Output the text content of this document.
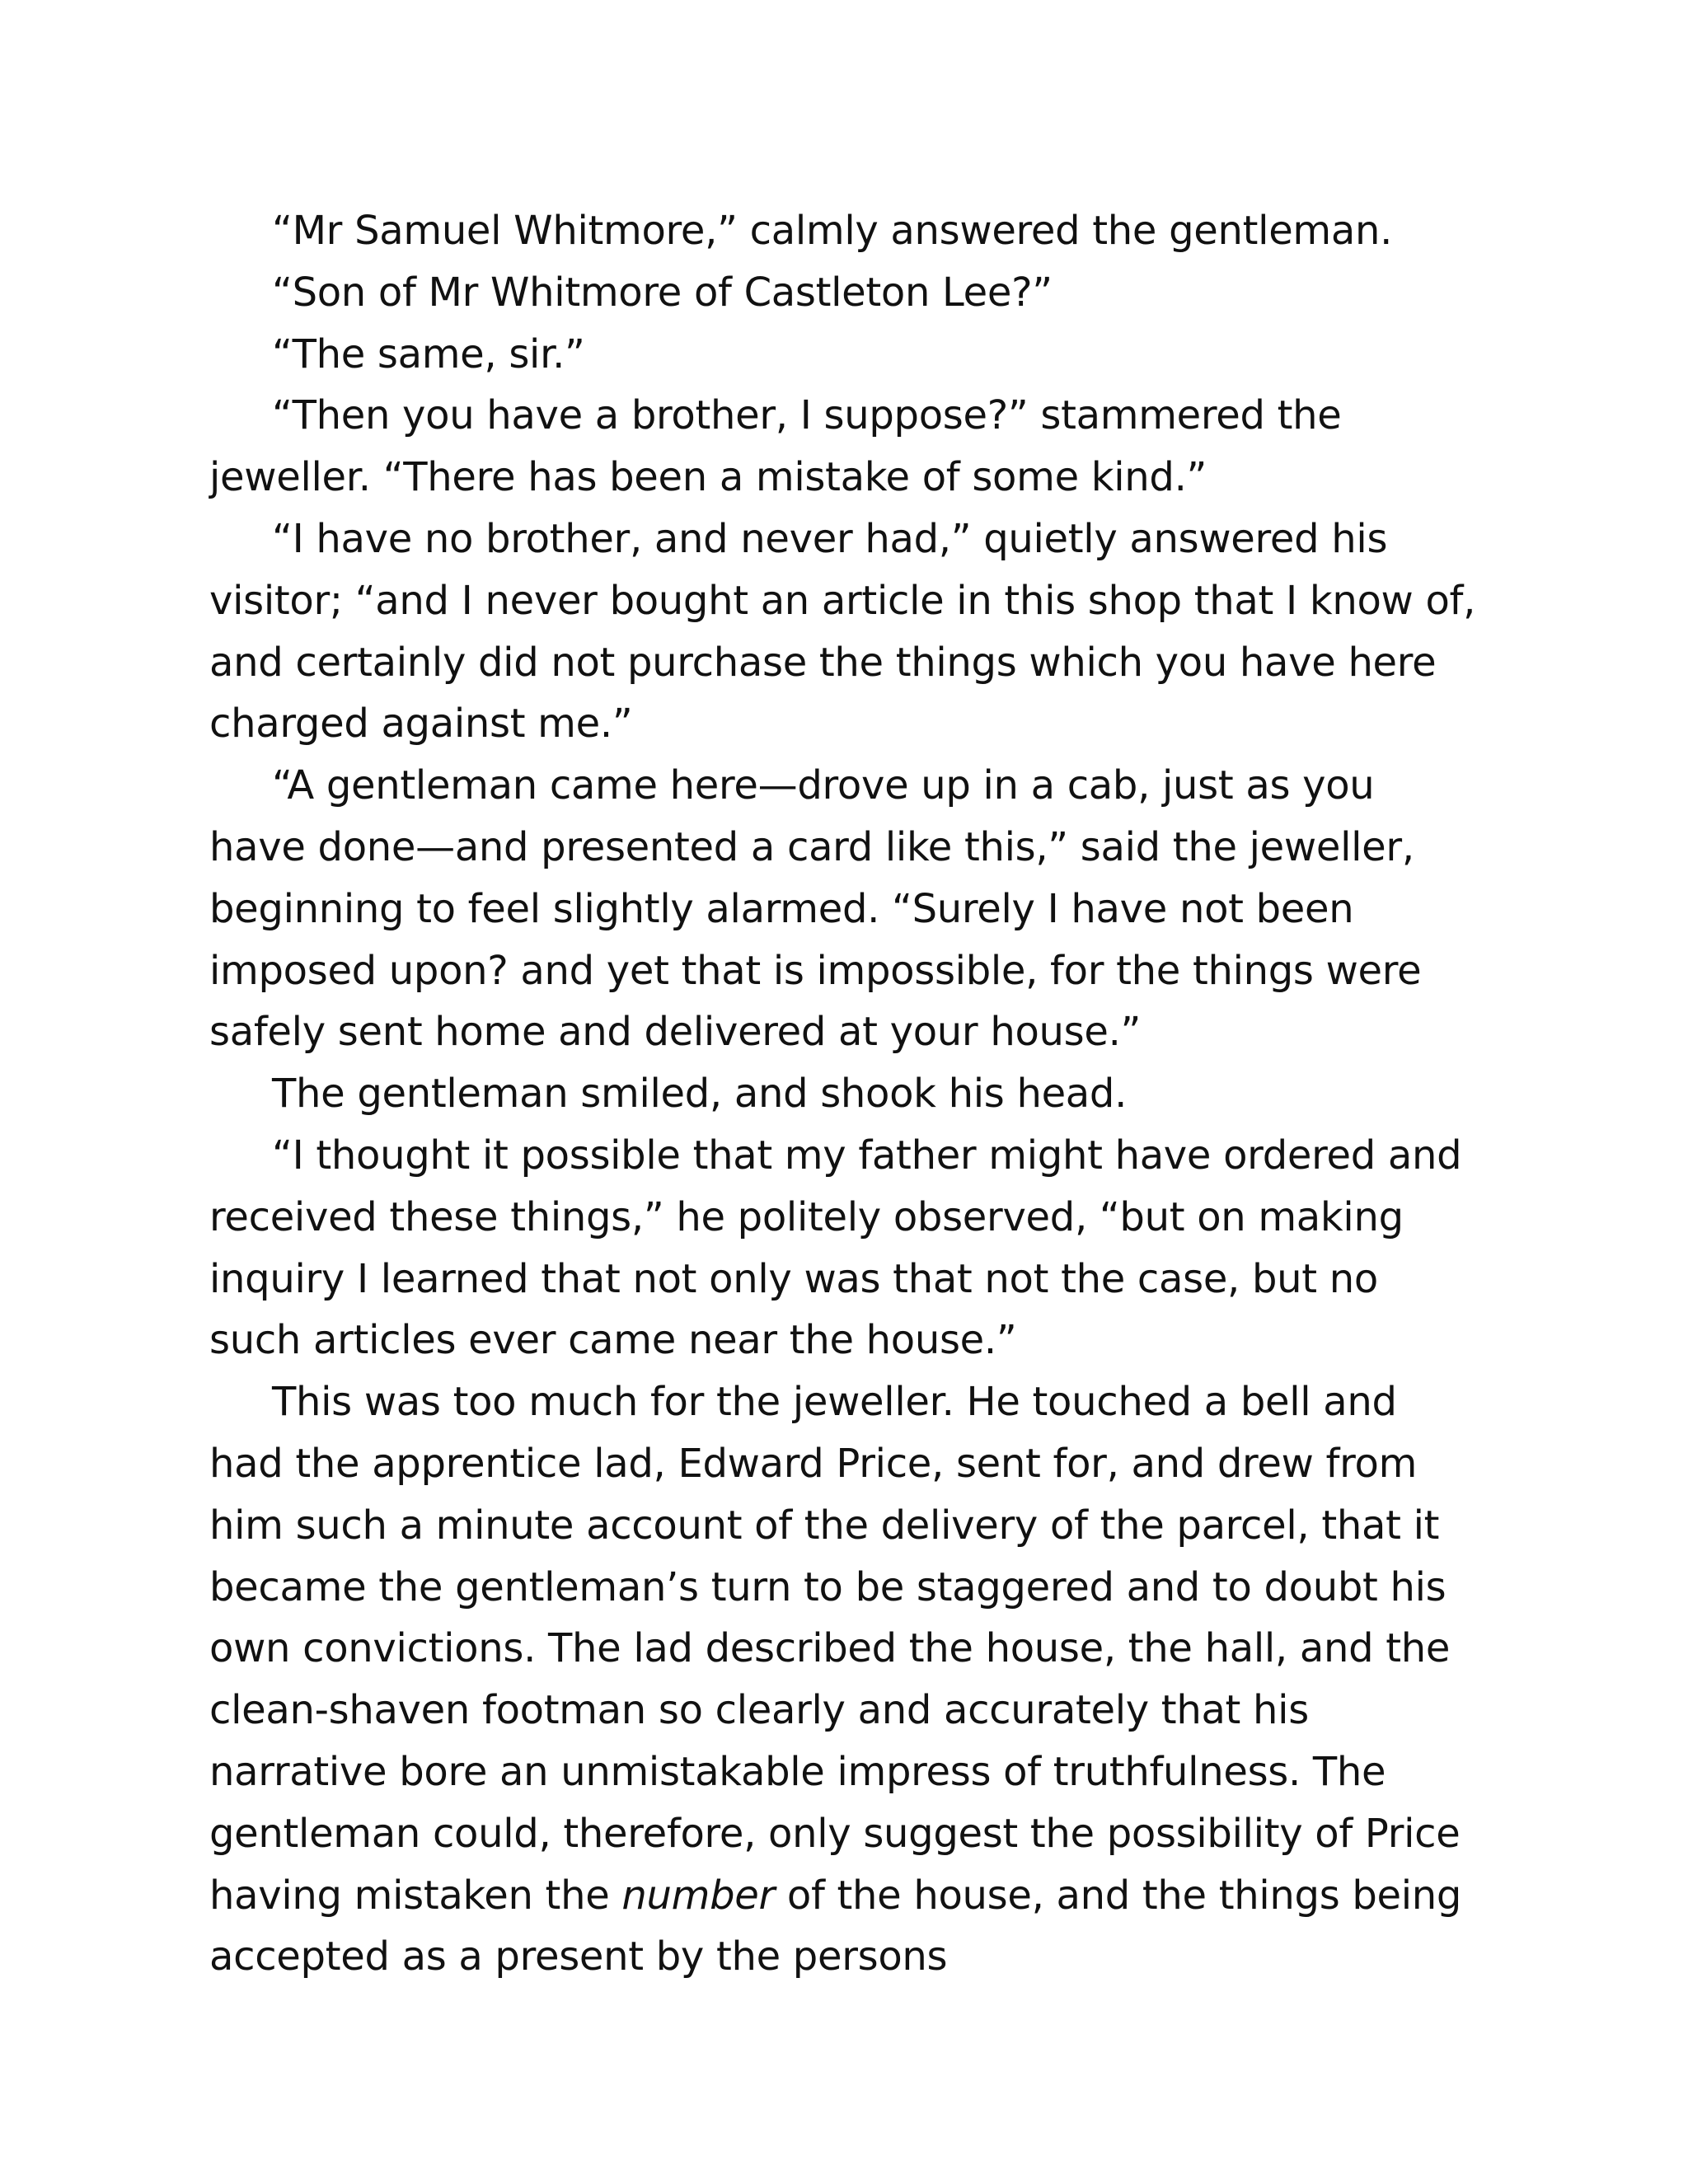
“Mr Samuel Whitmore,” calmly answered the gentleman.

“Son of Mr Whitmore of Castleton Lee?”

“The same, sir.”

“Then you have a brother, I suppose?” stammered the jeweller. “There has been a mistake of some kind.”

“I have no brother, and never had,” quietly answered his visitor; “and I never bought an article in this shop that I know of, and certainly did not purchase the things which you have here charged against me.”

“A gentleman came here—drove up in a cab, just as you have done—and presented a card like this,” said the jeweller, beginning to feel slightly alarmed. “Surely I have not been imposed upon? and yet that is impossible, for the things were safely sent home and delivered at your house.”

The gentleman smiled, and shook his head.

“I thought it possible that my father might have ordered and received these things,” he politely observed, “but on making inquiry I learned that not only was that not the case, but no such articles ever came near the house.”

This was too much for the jeweller. He touched a bell and had the apprentice lad, Edward Price, sent for, and drew from him such a minute account of the delivery of the parcel, that it became the gentleman’s turn to be staggered and to doubt his own convictions. The lad described the house, the hall, and the clean-shaven footman so clearly and accurately that his narrative bore an unmistakable impress of truthfulness. The gentleman could, therefore, only suggest the possibility of Price having mistaken the number of the house, and the things being accepted as a present by the persons
